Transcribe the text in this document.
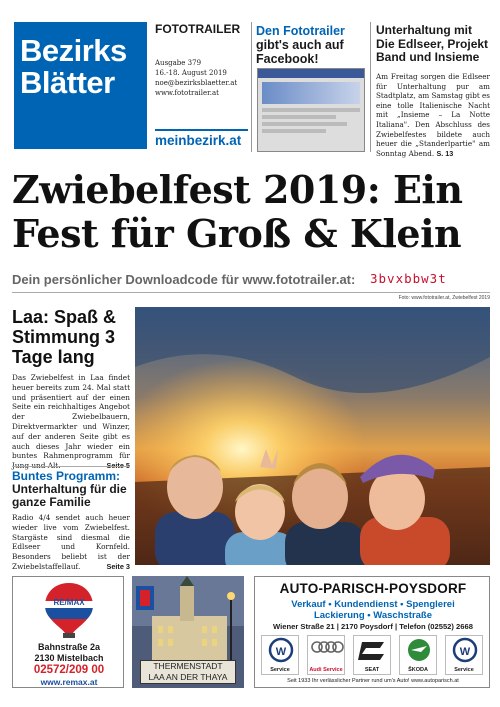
Bezirks
Blätter
FOTOTRAILER
Ausgabe 379
16.-18. August 2019
noe@bezirksblaetter.at
www.fototrailer.at
meinbezirk.at
Den Fototrailer gibt's auch auf Facebook!
Unterhaltung mit
Die Edlseer, Projekt Band und Insieme
Am Freitag sorgen die Edlseer für Unterhaltung pur am Stadtplatz, am Samstag gibt es eine tolle Italienische Nacht mit „Insieme – La Notte Italiana". Den Abschluss des Zwiebelfestes bildete auch heuer die „Standerlpartie" am Sonntag Abend. S. 13
Zwiebelfest 2019: Ein Fest für Groß & Klein
Dein persönlicher Downloadcode für www.fototrailer.at: 3bvxbbw3t
Foto: www.fototrailer.at, Zwiebelfest 2019
Laa: Spaß & Stimmung 3 Tage lang
Das Zwiebelfest in Laa findet heuer bereits zum 24. Mal statt und präsentiert auf der einen Seite ein reichhaltiges Angebot der Zwiebelbauern, Direktvermarkter und Winzer, auf der anderen Seite gibt es auch dieses Jahr wieder ein buntes Rahmenprogramm für
Buntes Programm:
Unterhaltung für die ganze Familie
Radio 4/4 sendet auch heuer wieder live vom Zwiebelfest. Stargäste sind diesmal die Edlseer und Kornfeld. Besonders beliebt ist der Zwiebelstaffellauf.	Seite 3
RE/MAX
Bahnstraße 2a
2130 Mistelbach
02572/209 00
www.remax.at
THERMENSTADT
LAA AN DER THAYA
AUTO-PARISCH-POYSDORF
Verkauf • Kundendienst • Spenglerei
Lackierung • Waschstraße
Wiener Straße 21 | 2170 Poysdorf | Telefon (02552) 2668
W
Service	Audi Service	SEAT	ŠKODA
W
Service
Seit 1933 Ihr verlässlicher Partner rund um's Auto! www.autoparisch.at
